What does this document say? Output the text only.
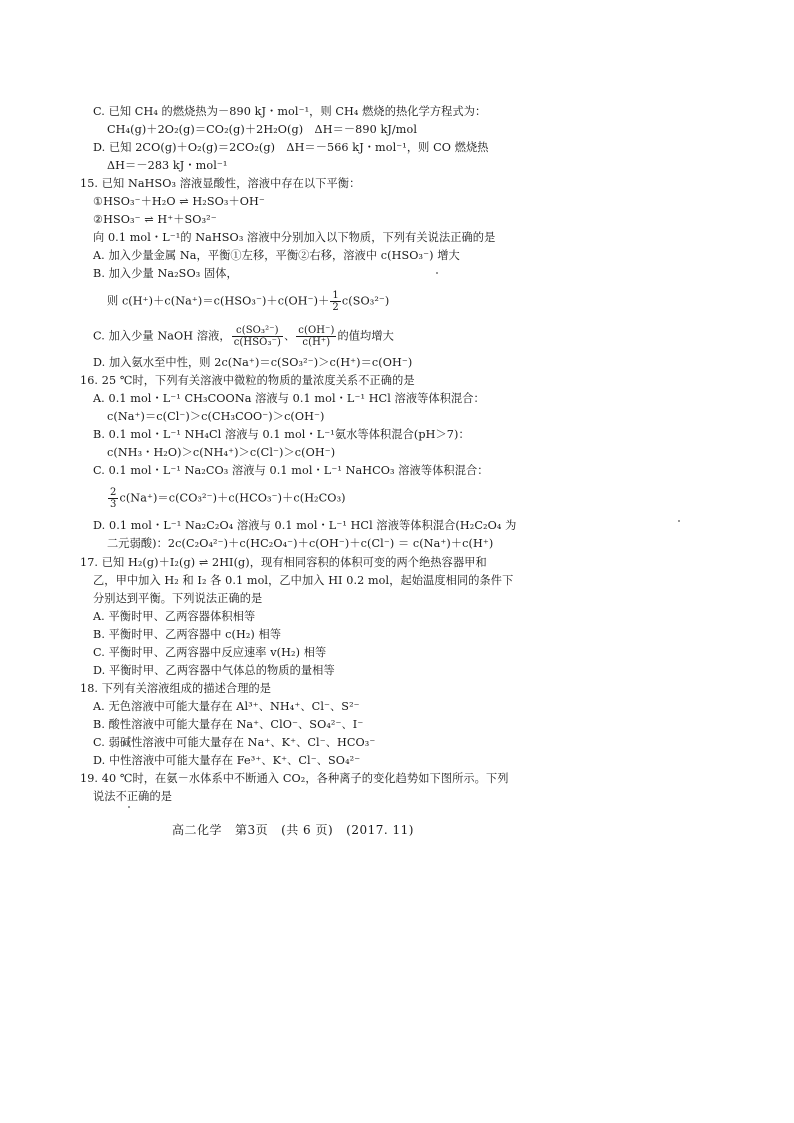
C. 已知 CH₄ 的燃烧热为－890 kJ・mol⁻¹，则 CH₄ 燃烧的热化学方程式为：
CH₄(g)＋2O₂(g)＝CO₂(g)＋2H₂O(g)　ΔH＝－890 kJ/mol
D. 已知 2CO(g)＋O₂(g)＝2CO₂(g)　ΔH＝－566 kJ・mol⁻¹，则 CO 燃烧热
ΔH＝－283 kJ・mol⁻¹
15. 已知 NaHSO₃ 溶液显酸性，溶液中存在以下平衡：
①HSO₃⁻＋H₂O ⇌ H₂SO₃＋OH⁻
②HSO₃⁻ ⇌ H⁺＋SO₃²⁻
向 0.1 mol・L⁻¹的 NaHSO₃ 溶液中分别加入以下物质，下列有关说法正确的是
A. 加入少量金属 Na，平衡①左移，平衡②右移，溶液中 c(HSO₃⁻) 增大
B. 加入少量 Na₂SO₃ 固体，
则 $c(H^+)+c(Na^+)=c(HSO_3^-)+c(OH^-)+ \frac{1}{2} c(SO_3^{2-})$
C. 加入少量 NaOH 溶液， $\frac{\text{c(SO₃²⁻)}}{\text{c(HSO₃⁻)}}$ 、 $\frac{c(OH^-)}{c(H^+)}$ 的值均增大
D. 加入氨水至中性，则 2c(Na⁺)＝c(SO₃²⁻)＞c(H⁺)＝c(OH⁻)
16. 25 ℃时，下列有关溶液中微粒的物质的量浓度关系不正确的是
A. 0.1 mol・L⁻¹ CH₃COONa 溶液与 0.1 mol・L⁻¹ HCl 溶液等体积混合：
c(Na⁺)＝c(Cl⁻)＞c(CH₃COO⁻)＞c(OH⁻)
B. 0.1 mol・L⁻¹ NH₄Cl 溶液与 0.1 mol・L⁻¹氨水等体积混合(pH＞7)：
c(NH₃・H₂O)＞c(NH₄⁺)＞c(Cl⁻)＞c(OH⁻)
C. 0.1 mol・L⁻¹ Na₂CO₃ 溶液与 0.1 mol・L⁻¹ NaHCO₃ 溶液等体积混合：
$\frac{2}{3} c(Na^+)=c(CO_3^{2-})+c(HCO_3^-)+c(H_2CO_3)$
D. 0.1 mol・L⁻¹ Na₂C₂O₄ 溶液与 0.1 mol・L⁻¹ HCl 溶液等体积混合(H₂C₂O₄ 为
二元弱酸)：2c(C₂O₄²⁻)＋c(HC₂O₄⁻)＋c(OH⁻)＋c(Cl⁻) ＝ c(Na⁺)＋c(H⁺)
17. 已知 H₂(g)＋I₂(g) ⇌ 2HI(g)，现有相同容积的体积可变的两个绝热容器甲和
乙，甲中加入 H₂ 和 I₂ 各 0.1 mol，乙中加入 HI 0.2 mol，起始温度相同的条件下
分别达到平衡。下列说法正确的是
A. 平衡时甲、乙两容器体积相等
B. 平衡时甲、乙两容器中 c(H₂) 相等
C. 平衡时甲、乙两容器中反应速率 v(H₂) 相等
D. 平衡时甲、乙两容器中气体总的物质的量相等
18. 下列有关溶液组成的描述合理的是
A. 无色溶液中可能大量存在 Al³⁺、NH₄⁺、Cl⁻、S²⁻
B. 酸性溶液中可能大量存在 Na⁺、ClO⁻、SO₄²⁻、I⁻
C. 弱碱性溶液中可能大量存在 Na⁺、K⁺、Cl⁻、HCO₃⁻
D. 中性溶液中可能大量存在 Fe³⁺、K⁺、Cl⁻、SO₄²⁻
19. 40 ℃时，在氨－水体系中不断通入 CO₂，各种离子的变化趋势如下图所示。下列
说法不正确的是
高二化学 第3页 (共 6 页) (2017. 11)
